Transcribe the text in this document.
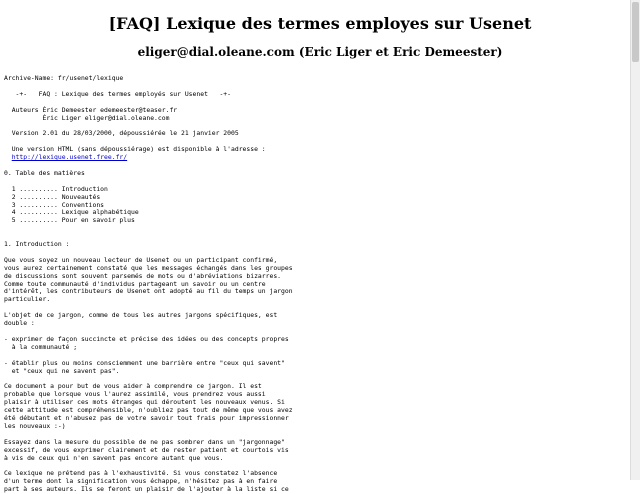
[FAQ] Lexique des termes employes sur Usenet
eliger@dial.oleane.com (Eric Liger et Eric Demeester)
Archive-Name: fr/usenet/lexique

-+-   FAQ : Lexique des termes employés sur Usenet   -+-

Auteurs Éric Demeester edemeester@teaser.fr
Éric Liger eliger@dial.oleane.com

Version 2.01 du 28/03/2000, dépoussiérée le 21 janvier 2005

Une version HTML (sans dépoussiérage) est disponible à l'adresse :
http://lexique.usenet.free.fr/

0. Table des matières

1 .......... Introduction
2 .......... Nouveautés
3 .......... Conventions
4 .......... Lexique alphabétique
5 .......... Pour en savoir plus

1. Introduction :

Que vous soyez un nouveau lecteur de Usenet ou un participant confirmé,
vous aurez certainement constaté que les messages échangés dans les groupes
de discussions sont souvent parsemés de mots ou d'abréviations bizarres.
Comme toute communauté d'individus partageant un savoir ou un centre
d'intérêt, les contributeurs de Usenet ont adopté au fil du temps un jargon
particulier.

L'objet de ce jargon, comme de tous les autres jargons spécifiques, est
double :

- exprimer de façon succincte et précise des idées ou des concepts propres
à la communauté ;

- établir plus ou moins consciemment une barrière entre "ceux qui savent"
et "ceux qui ne savent pas".

Ce document a pour but de vous aider à comprendre ce jargon. Il est
probable que lorsque vous l'aurez assimilé, vous prendrez vous aussi
plaisir à utiliser ces mots étranges qui déroutent les nouveaux venus. Si
cette attitude est compréhensible, n'oubliez pas tout de même que vous avez
été débutant et n'abusez pas de votre savoir tout frais pour impressionner
les nouveaux :-)

Essayez dans la mesure du possible de ne pas sombrer dans un "jargonnage"
excessif, de vous exprimer clairement et de rester patient et courtois vis
à vis de ceux qui n'en savent pas encore autant que vous.

Ce lexique ne prétend pas à l'exhaustivité. Si vous constatez l'absence
d'un terme dont la signification vous échappe, n'hésitez pas à en faire
part à ses auteurs. Ils se feront un plaisir de l'ajouter à la liste si ce
